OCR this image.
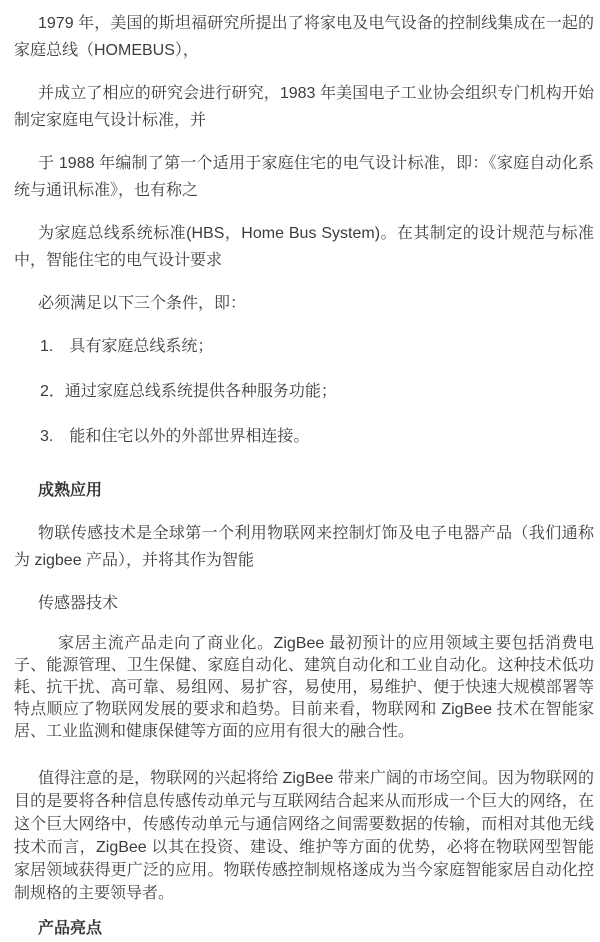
1979 年，美国的斯坦福研究所提出了将家电及电气设备的控制线集成在一起的家庭总线（HOMEBUS），

并成立了相应的研究会进行研究，1983 年美国电子工业协会组织专门机构开始制定家庭电气设计标准，并

于 1988 年编制了第一个适用于家庭住宅的电气设计标准，即：《家庭自动化系统与通讯标准》，也有称之

为家庭总线系统标准(HBS，Home Bus System)。在其制定的设计规范与标准中，智能住宅的电气设计要求

必须满足以下三个条件，即：

1.　具有家庭总线系统；

2．通过家庭总线系统提供各种服务功能；

3.　能和住宅以外的外部世界相连接。

成熟应用

物联传感技术是全球第一个利用物联网来控制灯饰及电子电器产品（我们通称为 zigbee 产品），并将其作为智能

传感器技术

家居主流产品走向了商业化。ZigBee 最初预计的应用领域主要包括消费电子、能源管理、卫生保健、家庭自动化、建筑自动化和工业自动化。这种技术低功耗、抗干扰、高可靠、易组网、易扩容，易使用，易维护、便于快速大规模部署等特点顺应了物联网发展的要求和趋势。目前来看，物联网和 ZigBee 技术在智能家居、工业监测和健康保健等方面的应用有很大的融合性。

值得注意的是，物联网的兴起将给 ZigBee 带来广阔的市场空间。因为物联网的目的是要将各种信息传感传动单元与互联网结合起来从而形成一个巨大的网络，在这个巨大网络中，传感传动单元与通信网络之间需要数据的传输，而相对其他无线技术而言，ZigBee 以其在投资、建设、维护等方面的优势，必将在物联网型智能家居领域获得更广泛的应用。物联传感控制规格遂成为当今家庭智能家居自动化控制规格的主要领导者。

产品亮点
